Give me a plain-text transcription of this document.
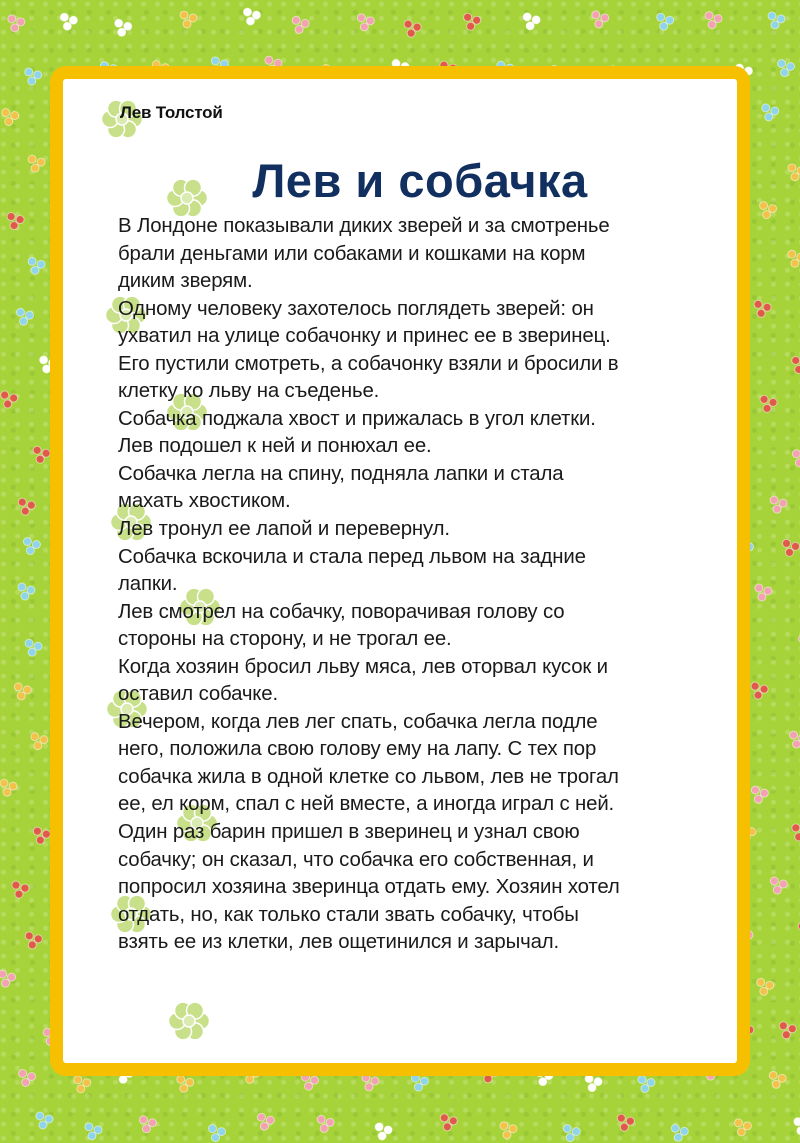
Лев Толстой

Лев и собачка

В Лондоне показывали диких зверей и за смотренье

брали деньгами или собаками и кошками на корм

диким зверям.

Одному человеку захотелось поглядеть зверей: он

ухватил на улице собачонку и принес ее в зверинец.

Его пустили смотреть, а собачонку взяли и бросили в

клетку ко льву на съеденье.

Собачка поджала хвост и прижалась в угол клетки.

Лев подошел к ней и понюхал ее.

Собачка легла на спину, подняла лапки и стала

махать хвостиком.

Лев тронул ее лапой и перевернул.

Собачка вскочила и стала перед львом на задние

лапки.

Лев смотрел на собачку, поворачивая голову со

стороны на сторону, и не трогал ее.

Когда хозяин бросил льву мяса, лев оторвал кусок и

оставил собачке.

Вечером, когда лев лег спать, собачка легла подле

него, положила свою голову ему на лапу. С тех пор

собачка жила в одной клетке со львом, лев не трогал

ее, ел корм, спал с ней вместе, а иногда играл с ней.

Один раз барин пришел в зверинец и узнал свою

собачку; он сказал, что собачка его собственная, и

попросил хозяина зверинца отдать ему. Хозяин хотел

отдать, но, как только стали звать собачку, чтобы

взять ее из клетки, лев ощетинился и зарычал.
